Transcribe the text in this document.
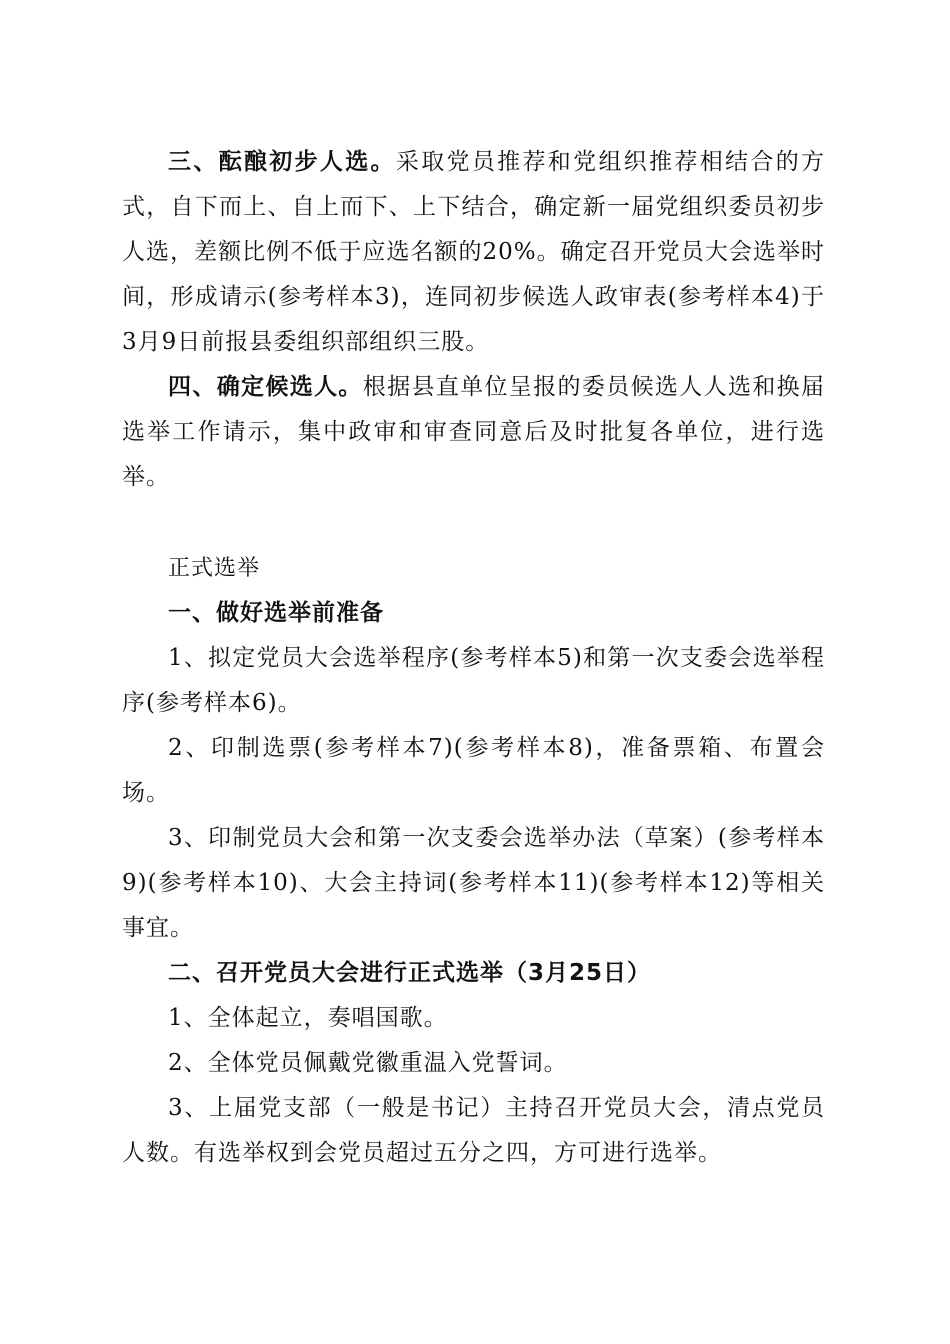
三、酝酿初步人选。采取党员推荐和党组织推荐相结合的方式，自下而上、自上而下、上下结合，确定新一届党组织委员初步人选，差额比例不低于应选名额的20%。确定召开党员大会选举时间，形成请示(参考样本3)，连同初步候选人政审表(参考样本4)于3月9日前报县委组织部组织三股。

四、确定候选人。根据县直单位呈报的委员候选人人选和换届选举工作请示，集中政审和审查同意后及时批复各单位，进行选举。

正式选举

一、做好选举前准备

1、拟定党员大会选举程序(参考样本5)和第一次支委会选举程序(参考样本6)。

2、印制选票(参考样本7)(参考样本8)，准备票箱、布置会场。

3、印制党员大会和第一次支委会选举办法（草案）(参考样本9)(参考样本10)、大会主持词(参考样本11)(参考样本12)等相关事宜。

二、召开党员大会进行正式选举（3月25日）

1、全体起立，奏唱国歌。

2、全体党员佩戴党徽重温入党誓词。

3、上届党支部（一般是书记）主持召开党员大会，清点党员人数。有选举权到会党员超过五分之四，方可进行选举。
